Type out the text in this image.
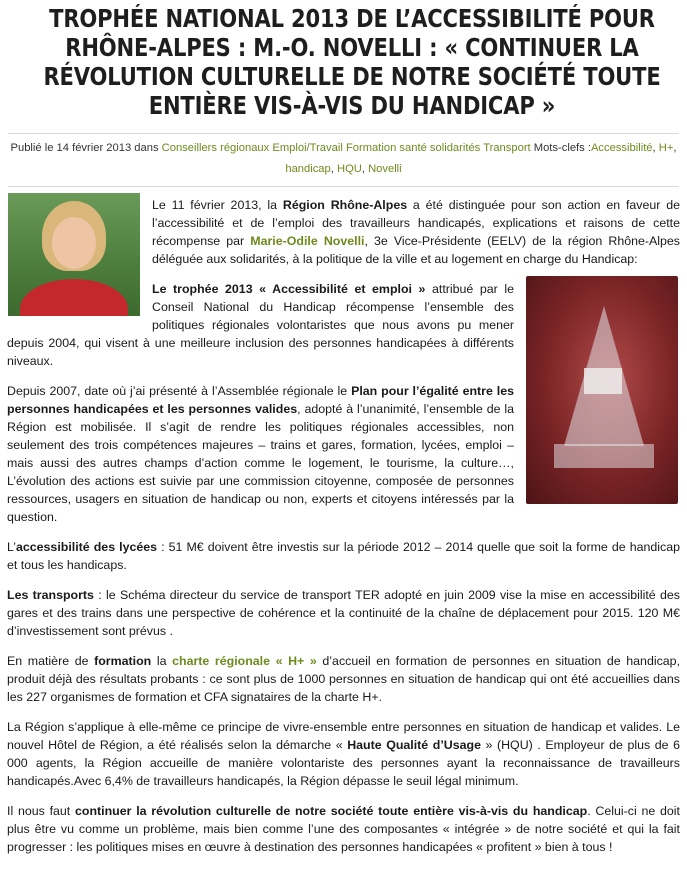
TROPHÉE NATIONAL 2013 DE L’ACCESSIBILITÉ POUR RHÔNE-ALPES : M.-O. NOVELLI : « CONTINUER LA RÉVOLUTION CULTURELLE DE NOTRE SOCIÉTÉ TOUTE ENTIÈRE VIS-À-VIS DU HANDICAP »
Publié le 14 février 2013 dans Conseillers régionaux Emploi/Travail Formation santé solidarités Transport Mots-clefs :Accessibilité, H+, handicap, HQU, Novelli

Le 11 février 2013, la Région Rhône-Alpes a été distinguée pour son action en faveur de l’accessibilité et de l’emploi des travailleurs handicapés, explications et raisons de cette récompense par Marie-Odile Novelli, 3e Vice-Présidente (EELV) de la région Rhône-Alpes déléguée aux solidarités, à la politique de la ville et au logement en charge du Handicap:

Le trophée 2013 « Accessibilité et emploi » attribué par le Conseil National du Handicap récompense l’ensemble des politiques régionales volontaristes que nous avons pu mener depuis 2004, qui visent à une meilleure inclusion des personnes handicapées à différents niveaux.

Depuis 2007, date où j’ai présenté à l’Assemblée régionale le Plan pour l’égalité entre les personnes handicapées et les personnes valides, adopté à l’unanimité, l’ensemble de la Région est mobilisée. Il s’agit de rendre les politiques régionales accessibles, non seulement des trois compétences majeures – trains et gares, formation, lycées, emploi – mais aussi des autres champs d’action comme le logement, le tourisme, la culture…, L’évolution des actions est suivie par une commission citoyenne, composée de personnes ressources, usagers en situation de handicap ou non, experts et citoyens intéressés par la question.

L’accessibilité des lycées : 51 M€ doivent être investis sur la période 2012 – 2014 quelle que soit la forme de handicap et tous les handicaps.

Les transports : le Schéma directeur du service de transport TER adopté en juin 2009 vise la mise en accessibilité des gares et des trains dans une perspective de cohérence et la continuité de la chaîne de déplacement pour 2015. 120 M€ d’investissement sont prévus .

En matière de formation la charte régionale « H+ » d’accueil en formation de personnes en situation de handicap, produit déjà des résultats probants : ce sont plus de 1000 personnes en situation de handicap qui ont été accueillies dans les 227 organismes de formation et CFA signataires de la charte H+.

La Région s’applique à elle-même ce principe de vivre-ensemble entre personnes en situation de handicap et valides. Le nouvel Hôtel de Région, a été réalisés selon la démarche « Haute Qualité d’Usage » (HQU) . Employeur de plus de 6 000 agents, la Région accueille de manière volontariste des personnes ayant la reconnaissance de travailleurs handicapés.Avec 6,4% de travailleurs handicapés, la Région dépasse le seuil légal minimum.

Il nous faut continuer la révolution culturelle de notre société toute entière vis-à-vis du handicap. Celui-ci ne doit plus être vu comme un problème, mais bien comme l’une des composantes « intégrée » de notre société et qui la fait progresser : les politiques mises en œuvre à destination des personnes handicapées « profitent » bien à tous !
